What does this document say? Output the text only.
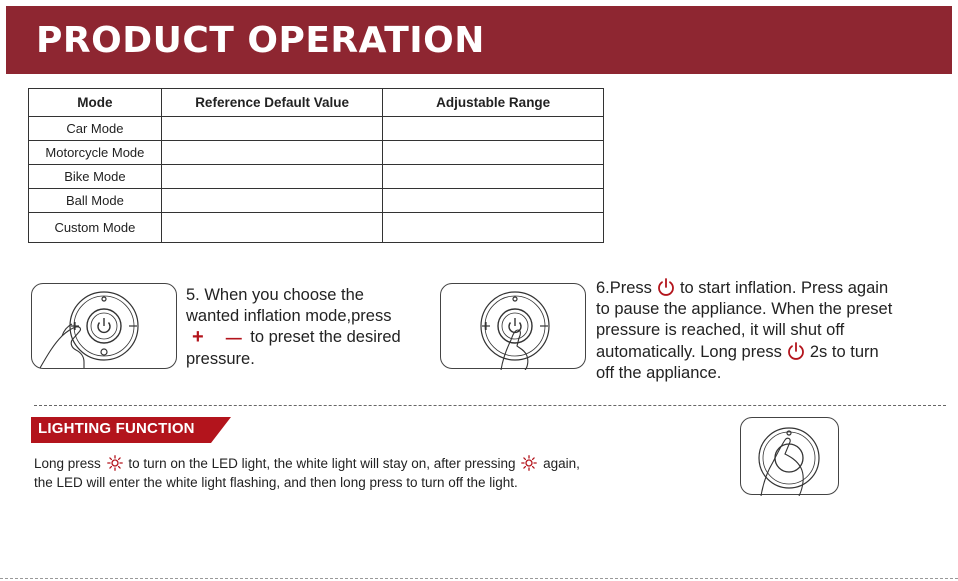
PRODUCT OPERATION
Mode	Reference Default Value	Adjustable Range
Car Mode		
Motorcycle Mode		
Bike Mode		
Ball Mode		
Custom Mode		
5. When you choose the
wanted inflation mode,press
+ — to preset the desired
pressure.
6.Press to start inflation. Press again
to pause the appliance. When the preset
pressure is reached, it will shut off
automatically. Long press 2s to turn
off the appliance.
LIGHTING FUNCTION
Long press to turn on the LED light, the white light will stay on, after pressing again,
the LED will enter the white light flashing, and then long press to turn off the light.
